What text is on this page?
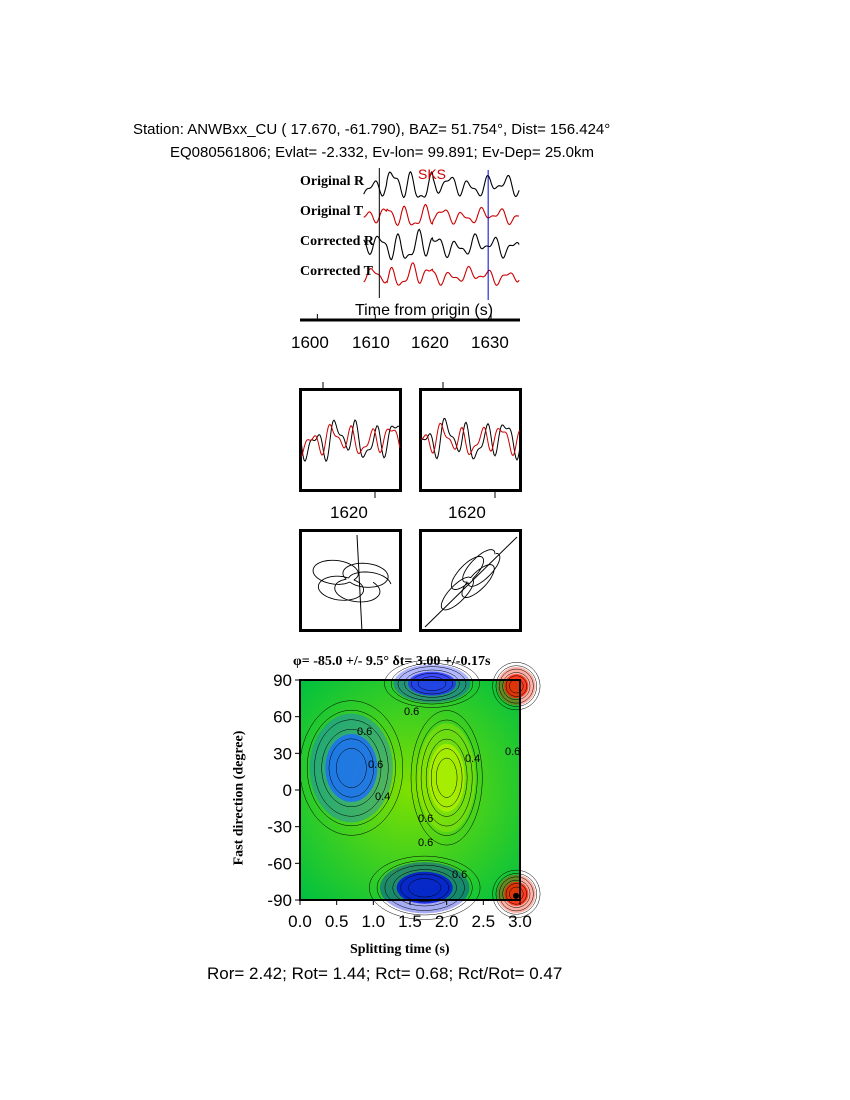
Station: ANWBxx_CU ( 17.670, -61.790), BAZ= 51.754°, Dist= 156.424°
EQ080561806; Evlat= -2.332, Ev-lon= 99.891; Ev-Dep= 25.0km
Original R
Original T
Corrected R
Corrected T
SKS
Time from origin (s)
1600 1610 1620 1630
1620	1620
φ= -85.0 +/- 9.5° δt= 3.00 +/-0.17s
0.0 0.5 1.0 1.5 2.0 2.5 3.0
90
60
30
0
-30
-60
-90
0.6
0.6
0.6	0.4
0.4
0.6
0.6
0.6
0.6
Splitting time (s)
Fast direction (degree)
Ror= 2.42; Rot= 1.44; Rct= 0.68; Rct/Rot= 0.47
